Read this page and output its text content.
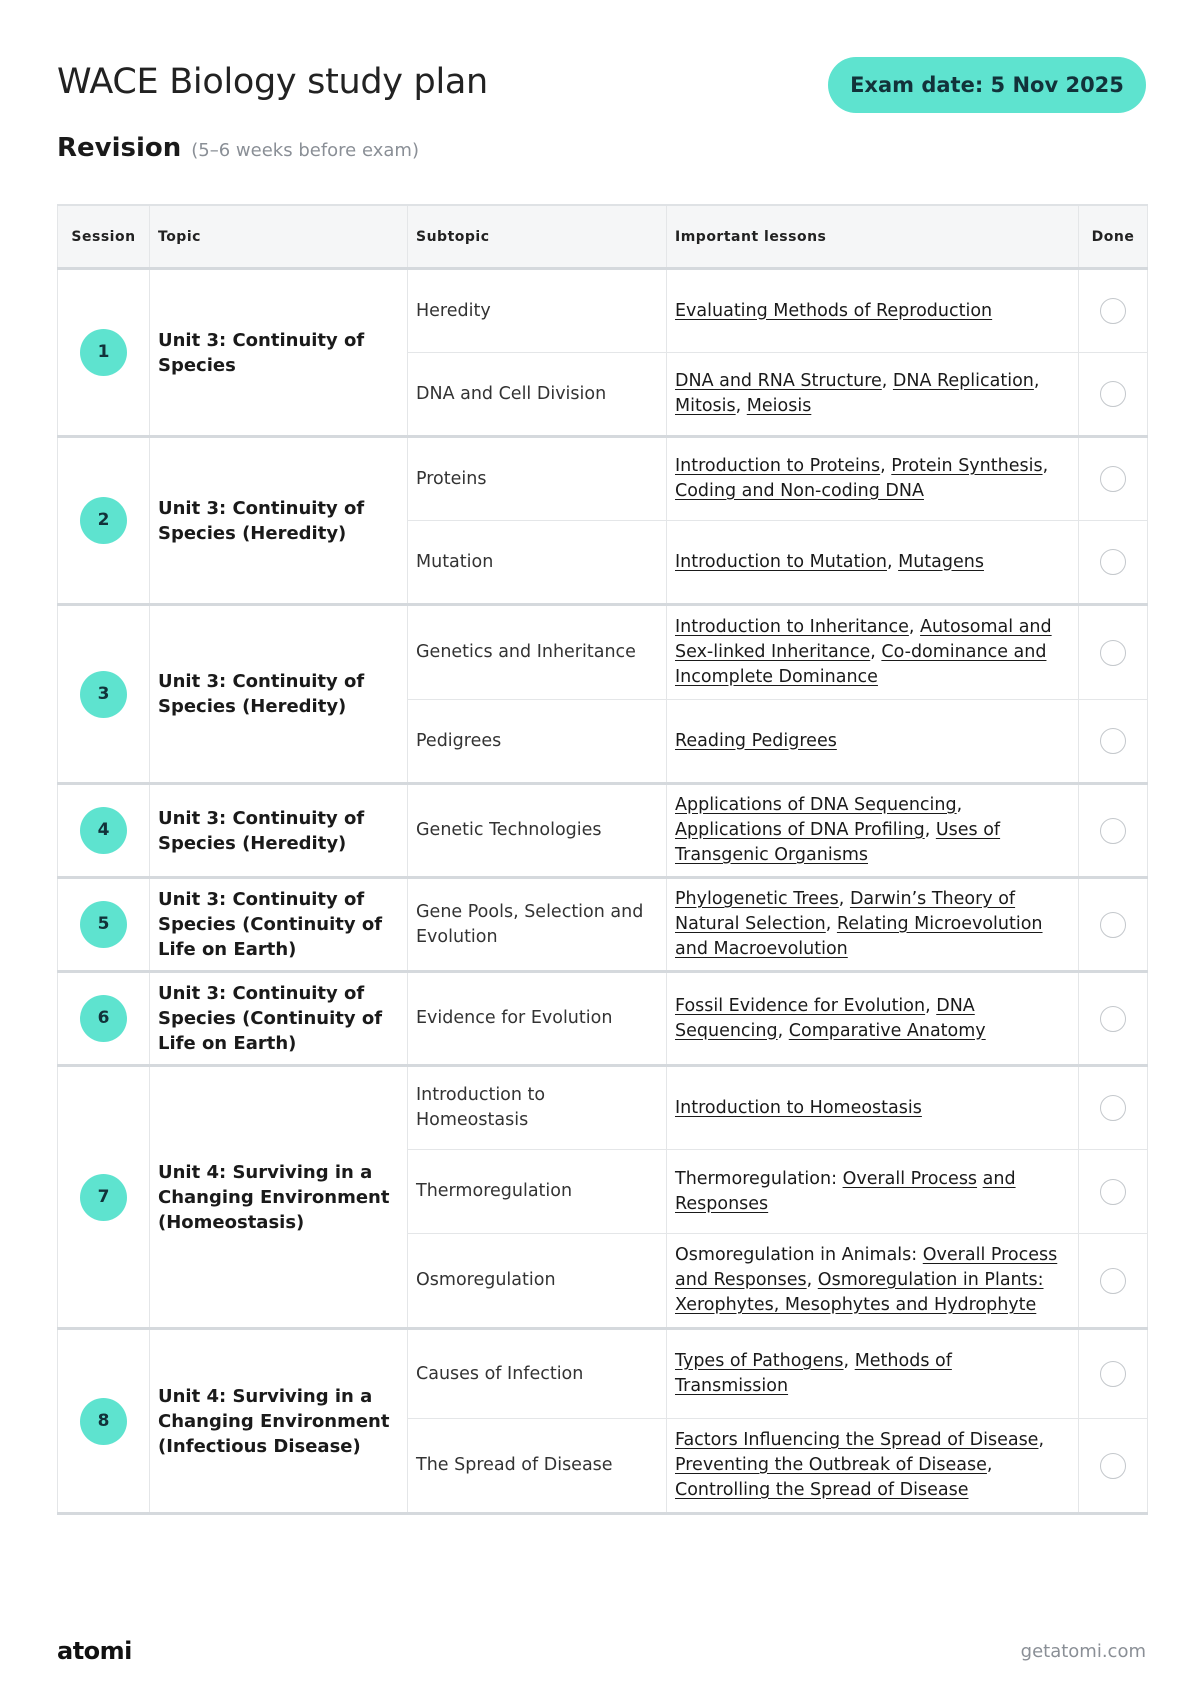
WACE Biology study plan	Exam date: 5 Nov 2025
Revision (5–6 weeks before exam)
Session	Topic	Subtopic	Important lessons	Done
1	Unit 3: Continuity of Species	Heredity	Evaluating Methods of Reproduction	
		DNA and Cell Division	DNA and RNA Structure, DNA Replication, Mitosis, Meiosis	
2	Unit 3: Continuity of Species (Heredity)	Proteins	Introduction to Proteins, Protein Synthesis, Coding and Non-coding DNA	
		Mutation	Introduction to Mutation, Mutagens	
3	Unit 3: Continuity of Species (Heredity)	Genetics and Inheritance	Introduction to Inheritance, Autosomal and Sex-linked Inheritance, Co-dominance and Incomplete Dominance	
		Pedigrees	Reading Pedigrees	
4	Unit 3: Continuity of Species (Heredity)	Genetic Technologies	Applications of DNA Sequencing, Applications of DNA Profiling, Uses of Transgenic Organisms	
5	Unit 3: Continuity of Species (Continuity of Life on Earth)	Gene Pools, Selection and Evolution	Phylogenetic Trees, Darwin’s Theory of Natural Selection, Relating Microevolution and Macroevolution	
6	Unit 3: Continuity of Species (Continuity of Life on Earth)	Evidence for Evolution	Fossil Evidence for Evolution, DNA Sequencing, Comparative Anatomy	
7	Unit 4: Surviving in a Changing Environment (Homeostasis)	Introduction to Homeostasis	Introduction to Homeostasis	
		Thermoregulation	Thermoregulation: Overall Process and Responses	
		Osmoregulation	Osmoregulation in Animals: Overall Process and Responses, Osmoregulation in Plants: Xerophytes, Mesophytes and Hydrophyte	
8	Unit 4: Surviving in a Changing Environment (Infectious Disease)	Causes of Infection	Types of Pathogens, Methods of Transmission	
		The Spread of Disease	Factors Influencing the Spread of Disease, Preventing the Outbreak of Disease, Controlling the Spread of Disease	
atomi	getatomi.com
